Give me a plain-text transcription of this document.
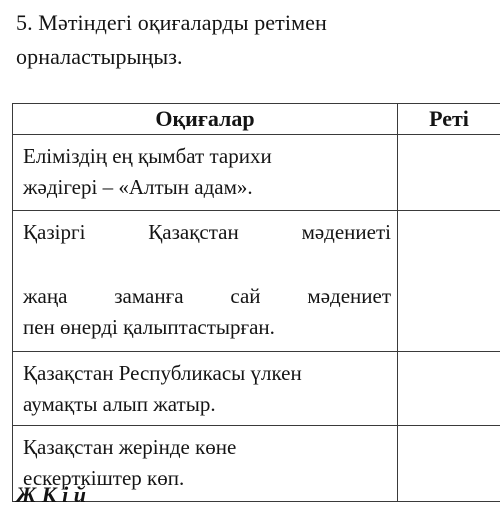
5. Мәтіндегі оқиғаларды ретімен
орналастырыңыз.
Оқиғалар	Реті

Еліміздің ең қымбат тарихи
жәдігері – «Алтын адам».	

Қазіргі Қазақстан мәдениеті
жаңа заманға сай мәдениет
пен өнерді қалыптастырған.	

Қазақстан Республикасы үлкен
аумақты алып жатыр.	

Қазақстан жерінде көне
ескерткіштер көп.	

Ж К і й
